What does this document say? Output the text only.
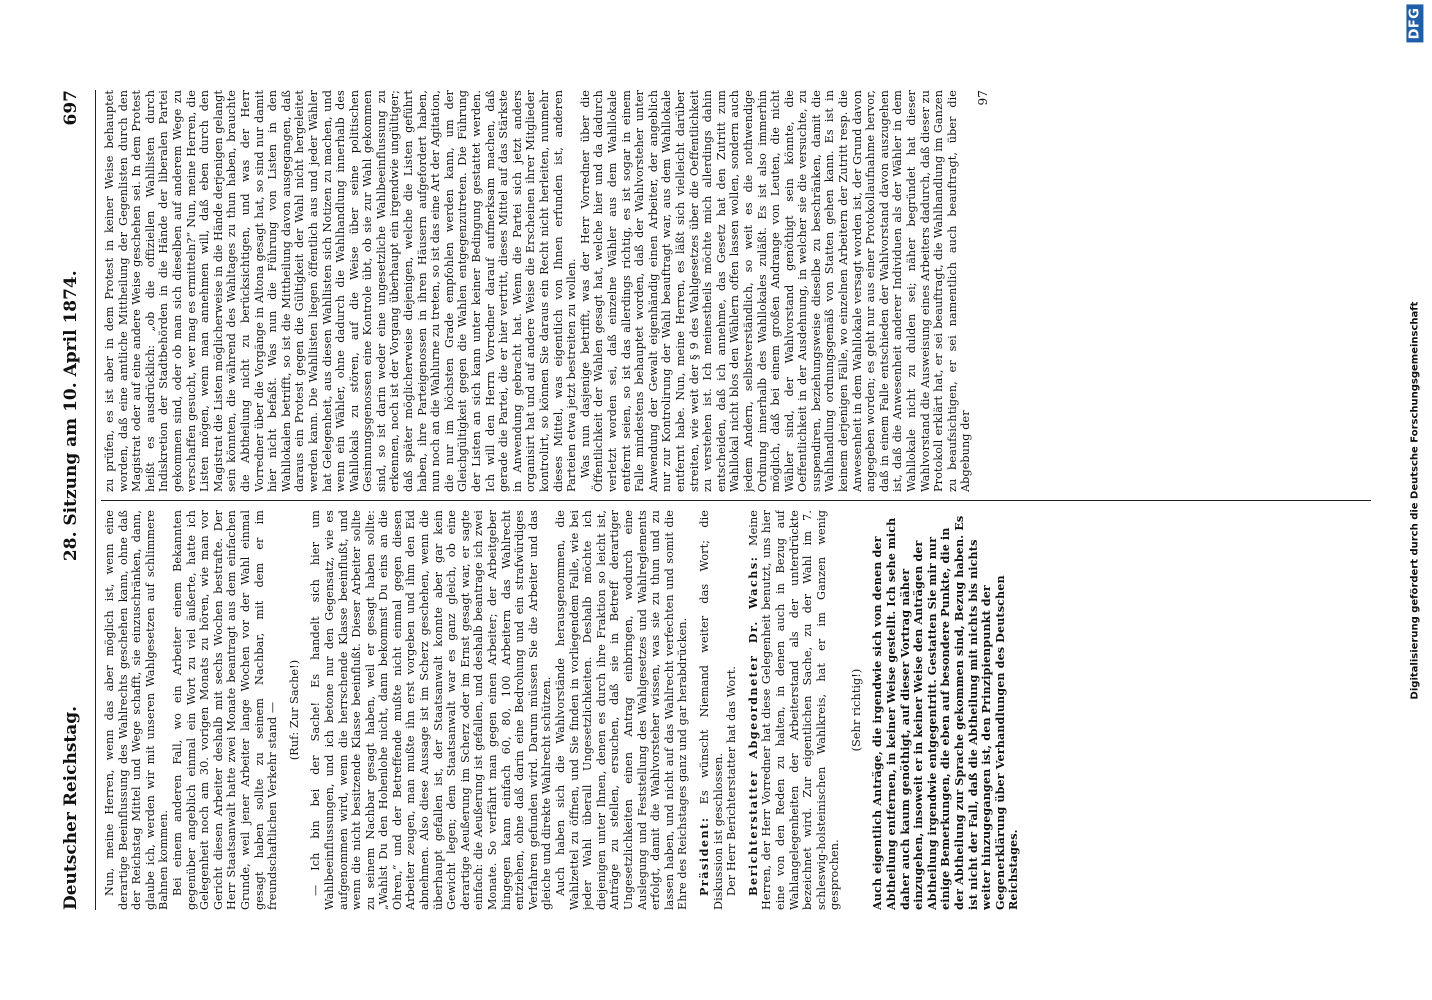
Deutscher Reichstag.
28. Sitzung am 10. April 1874.
697

Nun, meine Herren, wenn das aber möglich ist, wenn eine derartige Beeinflussung des Wahlrechts geschehen kann, ohne daß der Reichstag Mittel und Wege schafft, sie einzuschränken, dann, glaube ich, werden wir mit unseren Wahlgesetzen auf schlimmere Bahnen kommen. Bei einem anderen Fall, wo ein Arbeiter einem Bekannten gegenüber angeblich einmal ein Wort zu viel äußerte, hatte ich Gelegenheit noch am 30. vorigen Monats zu hören, wie man vor Gericht diesen Arbeiter deshalb mit sechs Wochen bestrafte. Der Herr Staatsanwalt hatte zwei Monate beantragt aus dem einfachen Grunde, weil jener Arbeiter lange Wochen vor der Wahl einmal gesagt haben sollte zu seinem Nachbar, mit dem er im freundschaftlichen Verkehr stand — (Ruf: Zur Sache!) — Ich bin bei der Sache! Es handelt sich hier um Wahlbeeinflussungen, und ich betone nur den Gegensatz, wie es aufgenommen wird, wenn die herrschende Klasse beeinflußt, und wenn die nicht besitzende Klasse beeinflußt. Dieser Arbeiter sollte zu seinem Nachbar gesagt haben, weil er gesagt haben sollte: „Wahlst Du den Hohenlohe nicht, dann bekommst Du eins an die Ohren,“ und der Betreffende mußte nicht einmal gegen diesen Arbeiter zeugen, man mußte ihn erst vorgeben und ihm den Eid abnehmen. Also diese Aussage ist im Scherz geschehen, wenn die überhaupt gefallen ist, der Staatsanwalt konnte aber gar kein Gewicht legen; dem Staatsanwalt war es ganz gleich, ob eine derartige Aeußerung im Scherz oder im Ernst gesagt war, er sagte einfach: die Aeußerung ist gefallen, und deshalb beantrage ich zwei Monate. So verfährt man gegen einen Arbeiter; der Arbeitgeber hingegen kann einfach 60, 80, 100 Arbeitern das Wahlrecht entziehen, ohne daß darin eine Bedrohung und ein strafwürdiges Verfahren gefunden wird. Darum müssen Sie die Arbeiter und das gleiche und direkte Wahlrecht schützen. Auch haben sich die Wahlvorstände herausgenommen, die Wahlzettel zu öffnen, und Sie finden in vorliegendem Falle, wie bei jeder Wahl überall Ungesetzlichkeiten. Deshalb möchte ich diejenigen unter Ihnen, denen es durch ihre Fraktion so leicht ist, Anträge zu stellen, ersuchen, daß sie in Betreff derartiger Ungesetzlichkeiten einen Antrag einbringen, wodurch eine Auslegung und Feststellung des Wahlgesetzes und Wahlreglements erfolgt, damit die Wahlvorsteher wissen, was sie zu thun und zu lassen haben, und nicht auf das Wahlrecht verfechten und somit die Ehre des Reichstages ganz und gar herabdrücken. Präsident: Es wünscht Niemand weiter das Wort; die Diskussion ist geschlossen. Der Herr Berichterstatter hat das Wort. Berichterstatter Abgeordneter Dr. Wachs: Meine Herren, der Herr Vorredner hat diese Gelegenheit benutzt, uns hier eine von den Reden zu halten, in denen auch in Bezug auf Wahlangelegenheiten der Arbeiterstand als der unterdrückte bezeichnet wird. Zur eigentlichen Sache, zu der Wahl im 7. schleswig-holsteinischen Wahlkreis, hat er im Ganzen wenig gesprochen.

(Sehr richtig!) Auch eigentlich Anträge, die irgendwie sich von denen der Abtheilung entfernen, in keiner Weise gestellt. Ich sehe mich daher auch kaum genöthigt, auf dieser Vortrag näher einzugehen, insoweit er in keiner Weise den Anträgen der Abtheilung irgendwie entgegentritt. Gestatten Sie mir nur einige Bemerkungen, die eben auf besondere Punkte, die in der Abtheilung zur Sprache gekommen sind, Bezug haben. Es ist nicht der Fall, daß die Abtheilung mit nichts bis nichts weiter hinzugegangen ist, den Prinzipienpunkt der Gegenerklärung über Verhandlungen des Deutschen Reichstages.

zu prüfen, es ist aber in dem Protest in keiner Weise behauptet worden, daß eine amtliche Mittheilung der Gegenlisten durch den Magistrat oder auf eine andere Weise geschehen sei. In dem Protest heißt es ausdrücklich: „ob die offiziellen Wahllisten durch Indiskretion der Stadtbehörden in die Hände der liberalen Partei gekommen sind, oder ob man sich dieselben auf anderem Wege zu verschaffen gesucht, wer mag es ermitteln?“ Nun, meine Herren, die Listen mögen, wenn man annehmen will, daß eben durch den Magistrat die Listen möglicherweise in die Hände derjenigen gelangt sein könnten, die während des Wahltages zu thun haben, brauchte die Abtheilung nicht zu berücksichtigen, und was der Herr Vorredner über die Vorgänge in Altona gesagt hat, so sind nur damit hier nicht befaßt. Was nun die Führung von Listen in den Wahllokalen betrifft, so ist die Mittheilung davon ausgegangen, daß daraus ein Protest gegen die Gültigkeit der Wahl nicht hergeleitet werden kann. Die Wahllisten liegen öffentlich aus und jeder Wähler hat Gelegenheit, aus diesen Wahllisten sich Notizen zu machen, und wenn ein Wähler, ohne dadurch die Wahlhandlung innerhalb des Wahllokals zu stören, auf die Weise über seine politischen Gesinnungsgenossen eine Kontrole übt, ob sie zur Wahl gekommen sind, so ist darin weder eine ungesetzliche Wahlbeeinflussung zu erkennen, noch ist der Vorgang überhaupt ein irgendwie ungültiger; daß später möglicherweise diejenigen, welche die Listen geführt haben, ihre Parteigenossen in ihren Häusern aufgefordert haben, nun noch an die Wahlurne zu treten, so ist das eine Art der Agitation, die nur im höchsten Grade empfohlen werden kann, um der Gleichgültigkeit gegen die Wahlen entgegenzutreten. Die Führung der Listen an sich kann unter keiner Bedingung gestattet werden. Ich will den Herrn Vorredner darauf aufmerksam machen, daß gerade die Partei, die er hier vertritt, dieses Mittel auf das Stärkste in Anwendung gebracht hat. Wenn die Partei sich jetzt anders organisirt hat und auf andere Weise die Erscheinen ihrer Mitglieder kontrolirt, so können Sie daraus ein Recht nicht herleiten, nunmehr dieses Mittel, was eigentlich von Ihnen erfunden ist, anderen Parteien etwa jetzt bestreiten zu wollen. Was nun dasjenige betrifft, was der Herr Vorredner über die Öffentlichkeit der Wahlen gesagt hat, welche hier und da dadurch verletzt worden sei, daß einzelne Wähler aus dem Wahllokale entfernt seien, so ist das allerdings richtig, es ist sogar in einem Falle mindestens behauptet worden, daß der Wahlvorsteher unter Anwendung der Gewalt eigenhändig einen Arbeiter, der angeblich nur zur Kontrolirung der Wahl beauftragt war, aus dem Wahllokale entfernt habe. Nun, meine Herren, es läßt sich vielleicht darüber streiten, wie weit der § 9 des Wahlgesetzes über die Oeffentlichkeit zu verstehen ist. Ich meinestheils möchte mich allerdings dahin entscheiden, daß ich annehme, das Gesetz hat den Zutritt zum Wahllokal nicht blos den Wählern offen lassen wollen, sondern auch jedem Andern, selbstverständlich, so weit es die nothwendige Ordnung innerhalb des Wahllokales zuläßt. Es ist also immerhin möglich, daß bei einem großen Andrange von Leuten, die nicht Wähler sind, der Wahlvorstand genöthigt sein könnte, die Oeffentlichkeit in der Ausdehnung, in welcher sie die versuchte, zu suspendiren, beziehungsweise dieselbe zu beschränken, damit die Wahlhandlung ordnungsgemäß von Statten gehen kann. Es ist in keinem derjenigen Fälle, wo einzelnen Arbeitern der Zutritt resp. die Anwesenheit in dem Wahllokale versagt worden ist, der Grund davon angegeben worden; es geht nur aus einer Protokollaufnahme hervor, daß in einem Falle entschieden der Wahlvorstand davon auszugehen ist, daß die Anwesenheit anderer Individuen als der Wähler in dem Wahllokale nicht zu dulden sei; näher begründet hat dieser Wahlvorstand die Ausweisung eines Arbeiters dadurch, daß dieser zu Protokoll erklärt hat, er sei beauftragt, die Wahlhandlung im Ganzen zu beaufsichtigen, er sei namentlich auch beauftragt, über die Abgebung der

97
DFG
Digitalisierung gefördert durch die Deutsche Forschungsgemeinschaft
